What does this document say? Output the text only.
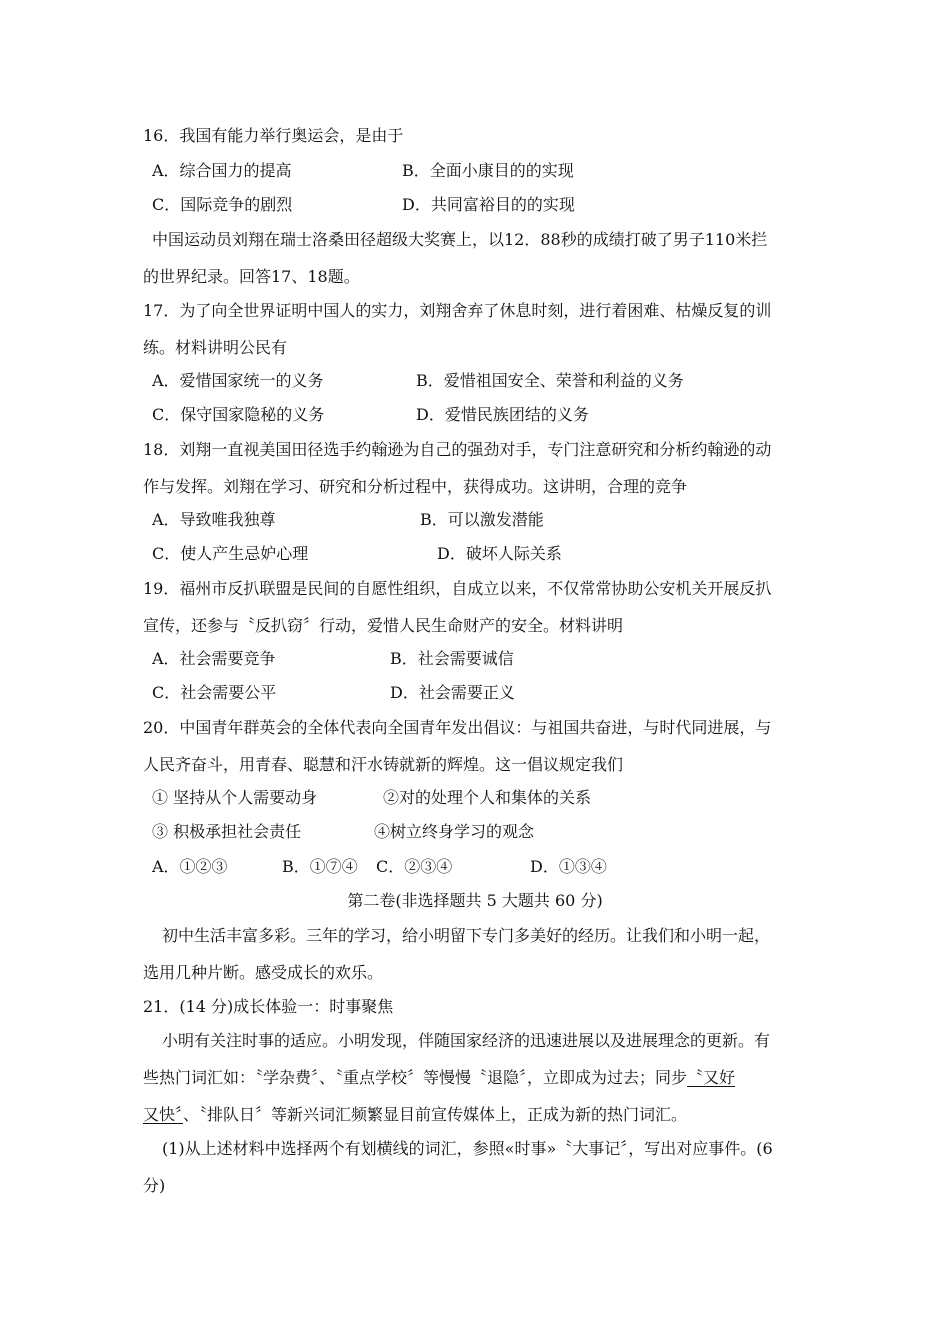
16．我国有能力举行奥运会，是由于
A．综合国力的提高	B．全面小康目的的实现
C．国际竞争的剧烈	D．共同富裕目的的实现
中国运动员刘翔在瑞士洛桑田径超级大奖赛上，以12．88秒的成绩打破了男子110米拦
的世界纪录。回答17、18题。
17．为了向全世界证明中国人的实力，刘翔舍弃了休息时刻，进行着困难、枯燥反复的训
练。材料讲明公民有
A．爱惜国家统一的义务	B．爱惜祖国安全、荣誉和利益的义务
C．保守国家隐秘的义务	D．爱惜民族团结的义务
18．刘翔一直视美国田径选手约翰逊为自己的强劲对手，专门注意研究和分析约翰逊的动
作与发挥。刘翔在学习、研究和分析过程中，获得成功。这讲明，合理的竞争
A．导致唯我独尊	B．可以激发潜能
C．使人产生忌妒心理	D．破坏人际关系
19．福州市反扒联盟是民间的自愿性组织，自成立以来，不仅常常协助公安机关开展反扒
宣传，还参与〝反扒窃〞行动，爱惜人民生命财产的安全。材料讲明
A．社会需要竞争	B．社会需要诚信
C．社会需要公平	D．社会需要正义
20．中国青年群英会的全体代表向全国青年发出倡议：与祖国共奋进，与时代同进展，与
人民齐奋斗，用青春、聪慧和汗水铸就新的辉煌。这一倡议规定我们
① 坚持从个人需要动身	②对的处理个人和集体的关系
③ 积极承担社会责任	④树立终身学习的观念
A．①②③	B．①⑦④ C．②③④	D．①③④
第二卷(非选择题共 5 大题共 60 分)
初中生活丰富多彩。三年的学习，给小明留下专门多美好的经历。让我们和小明一起，
选用几种片断。感受成长的欢乐。
21．(14 分)成长体验一：时事聚焦
小明有关注时事的适应。小明发现，伴随国家经济的迅速进展以及进展理念的更新。有
些热门词汇如：〝学杂费〞、〝重点学校〞等慢慢〝退隐〞，立即成为过去；同步〝又好
又快〞、〝排队日〞等新兴词汇频繁显目前宣传媒体上，正成为新的热门词汇。
(1)从上述材料中选择两个有划横线的词汇，参照«时事»〝大事记〞，写出对应事件。(6
分)
